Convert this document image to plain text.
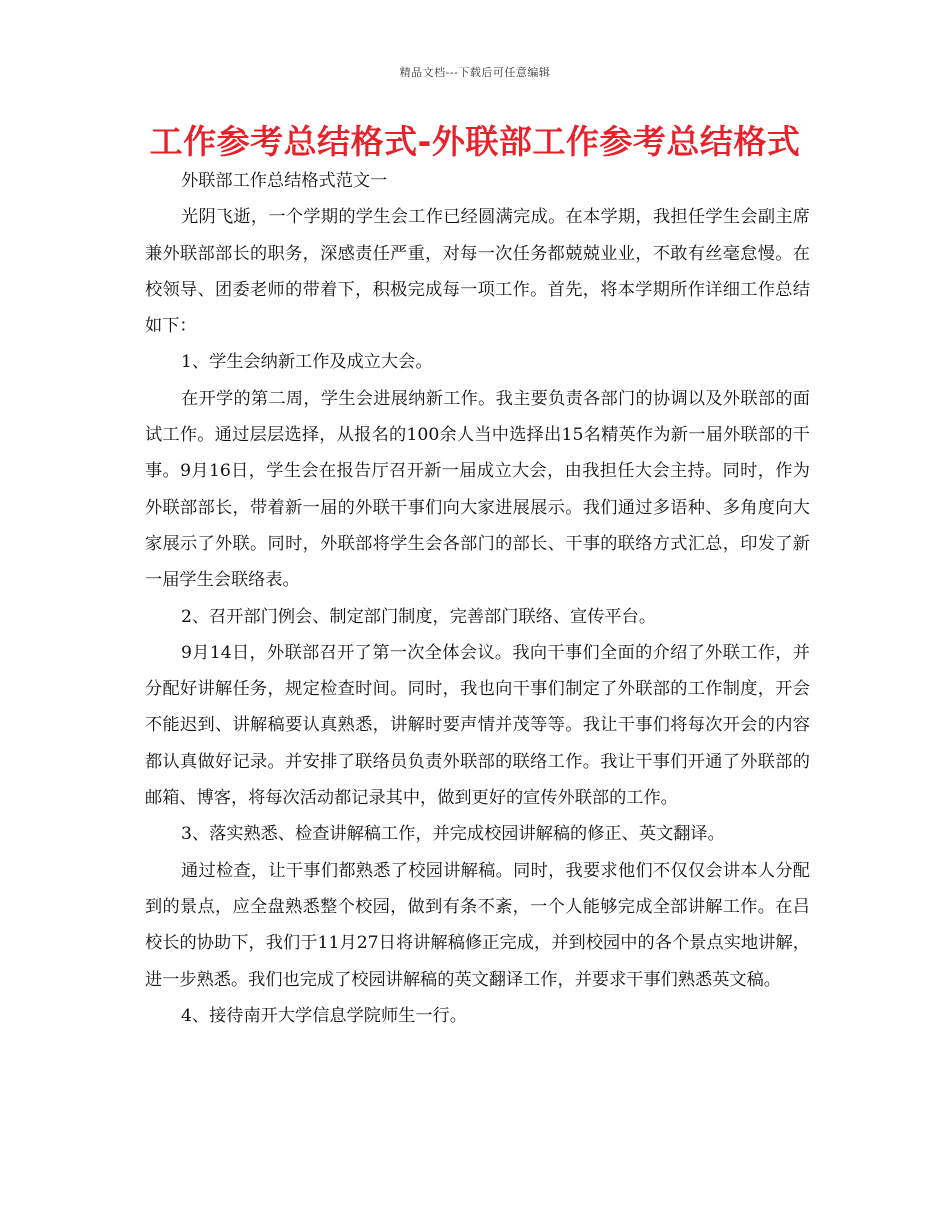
精品文档---下载后可任意编辑
工作参考总结格式-外联部工作参考总结格式

外联部工作总结格式范文一

光阴飞逝，一个学期的学生会工作已经圆满完成。在本学期，我担任学生会副主席兼外联部部长的职务，深感责任严重，对每一次任务都兢兢业业，不敢有丝毫怠慢。在校领导、团委老师的带着下，积极完成每一项工作。首先，将本学期所作详细工作总结如下：

1、学生会纳新工作及成立大会。

在开学的第二周，学生会进展纳新工作。我主要负责各部门的协调以及外联部的面试工作。通过层层选择，从报名的100余人当中选择出15名精英作为新一届外联部的干事。9月16日，学生会在报告厅召开新一届成立大会，由我担任大会主持。同时，作为外联部部长，带着新一届的外联干事们向大家进展展示。我们通过多语种、多角度向大家展示了外联。同时，外联部将学生会各部门的部长、干事的联络方式汇总，印发了新一届学生会联络表。

2、召开部门例会、制定部门制度，完善部门联络、宣传平台。

9月14日，外联部召开了第一次全体会议。我向干事们全面的介绍了外联工作，并分配好讲解任务，规定检查时间。同时，我也向干事们制定了外联部的工作制度，开会不能迟到、讲解稿要认真熟悉，讲解时要声情并茂等等。我让干事们将每次开会的内容都认真做好记录。并安排了联络员负责外联部的联络工作。我让干事们开通了外联部的邮箱、博客，将每次活动都记录其中，做到更好的宣传外联部的工作。

3、落实熟悉、检查讲解稿工作，并完成校园讲解稿的修正、英文翻译。

通过检查，让干事们都熟悉了校园讲解稿。同时，我要求他们不仅仅会讲本人分配到的景点，应全盘熟悉整个校园，做到有条不紊，一个人能够完成全部讲解工作。在吕校长的协助下，我们于11月27日将讲解稿修正完成，并到校园中的各个景点实地讲解，进一步熟悉。我们也完成了校园讲解稿的英文翻译工作，并要求干事们熟悉英文稿。

4、接待南开大学信息学院师生一行。
